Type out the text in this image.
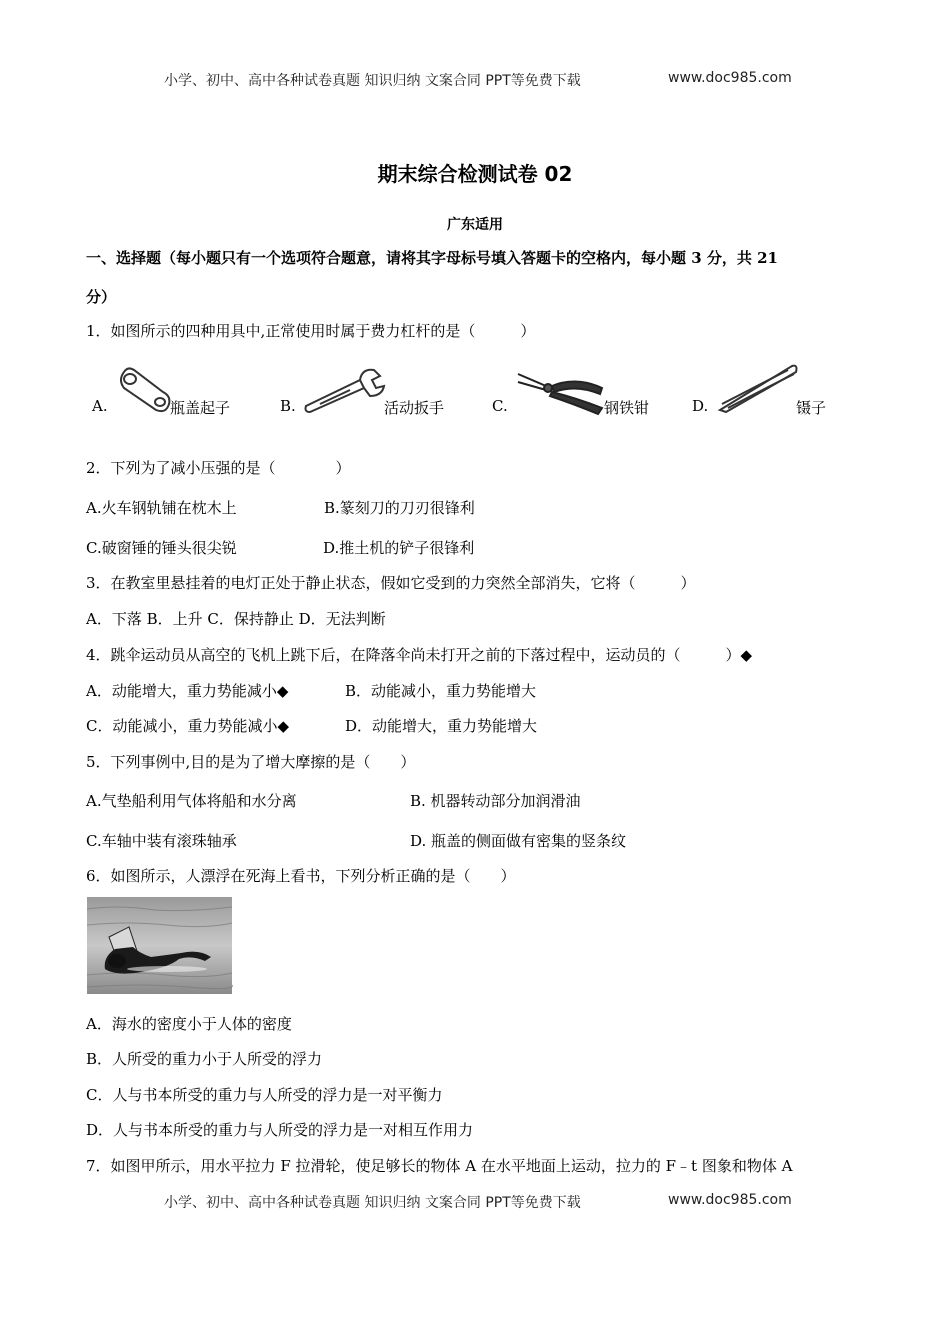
小学、初中、高中各种试卷真题 知识归纳 文案合同 PPT等免费下载	www.doc985.com
期末综合检测试卷 02
广东适用
一、选择题（每小题只有一个选项符合题意，请将其字母标号填入答题卡的空格内，每小题 3 分，共 21
分）
1．如图所示的四种用具中,正常使用时属于费力杠杆的是（　　　）
A.	瓶盖起子	B.	活动扳手	C.	钢铁钳	D.	镊子
2．下列为了减小压强的是（　　　　）
A.火车钢轨铺在枕木上	B.篆刻刀的刀刃很锋利
C.破窗锤的锤头很尖锐	D.推土机的铲子很锋利
3．在教室里悬挂着的电灯正处于静止状态，假如它受到的力突然全部消失，它将（　　　）
A．下落 B．上升 C．保持静止 D．无法判断
4．跳伞运动员从高空的飞机上跳下后，在降落伞尚未打开之前的下落过程中，运动员的（　　　）◆
A．动能增大，重力势能减小◆	B．动能减小，重力势能增大
C．动能减小，重力势能减小◆	D．动能增大，重力势能增大
5．下列事例中,目的是为了增大摩擦的是（　　）
A.气垫船利用气体将船和水分离	B. 机器转动部分加润滑油
C.车轴中装有滚珠轴承	D. 瓶盖的侧面做有密集的竖条纹
6．如图所示，人漂浮在死海上看书，下列分析正确的是（　　）
A．海水的密度小于人体的密度
B．人所受的重力小于人所受的浮力
C．人与书本所受的重力与人所受的浮力是一对平衡力
D．人与书本所受的重力与人所受的浮力是一对相互作用力
7．如图甲所示，用水平拉力 F 拉滑轮，使足够长的物体 A 在水平地面上运动，拉力的 F﹣t 图象和物体 A
小学、初中、高中各种试卷真题 知识归纳 文案合同 PPT等免费下载	www.doc985.com
